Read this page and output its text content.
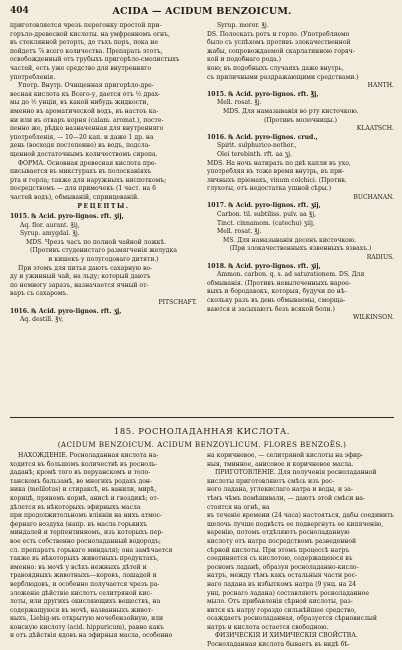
404	ACIDA — ACIDUM BENZOICUM.

приготовляется чрезъ перегонку простой при-

горъло-древесной кислоты. на умфренномъ огнъ,

въ стеклянной реторть, до тъхъ поръ, пока не

пойдетъ ⅞ всего количества. Препарать этотъ,

освобожденный отъ грубыхъ пригорѣло-смолистыхъ

частей, есть уже средство для внутренняго

употребленія.

Употр. Внутр. Очищенная пригорѣло-дре-

весная кислота къ Всего-у, дается отъ ½ драх-

мы до ½ унціи, въ какой нибудь жидкости,

именно въ ароматической водъ, въ настоъ ка-

ни или въ отваръ корня (calam. aromat.), посте-

пенно же, рѣдко назначенная для внутренняго

употребленія, — 10—20 кап. и даже 1 др. на

день (восходя постепенно) въ водъ, подсла-

щенной достаточнымъ количествомъ сиропа.

ФОРМА. Основная древесная кислота пре-

писывается въ микстурахъ въ полосканіяхъ

рта и горла; также для наружныхъ ниспоткомъ;

посредствомъ — для примочекъ (1 част. на 6

частей водъ), обмываній, спринцеваній.

РЕЦЕПТЫ.

1015. ℞ Acid. pyro-lignos. rft. ʒij,

Aq. flor. aurant. ℥ij,

Syrup. amygdal. ℥j.

MDS. Чрезъ часъ по полной чайной ложкѣ.

(Противъ студенистаго размягченія желудка

и кишекъ у полугодоваго дитяти.)

При этомъ для питья даютъ сахарную во-

ду и ужинный чай, на льду; который даютъ

по немногу заразъ, назначается ячный от-

варъ съ сахаромъ.

PITSCHAFT.

1016. ℞ Acid. pyro-lignos. rft. ʒj,

Aq. destill. ℥v,

Syrup. moror. ℥j.

DS. Полоскать ротъ и горло. (Употребляемо

было съ успѣхомъ противъ злокачественной

жабы, сопровождаемой скарлатинною горяч-

кой и подобнаго рода.)

кою; въ подобныхъ случаяхъ даже внутрь,

съ приличными раздражающими средствами.)

HANTH.

1015. ℞ Acid. pyro-lignos. rft. ℥j,

Mell. rosat. ℥j.

MDS. Для намазыванія во рту кисточкою.

(Противъ молочницы.)

KLAATSCH.

1016. ℞ Acid. pyro-lignos. crud.,

Spirit. sulphurico-nether.,

Olei terebinth. rft. aa ʒj.

MDS. На ночь натирать по двѣ капли въ ухо,

употребляя въ тоже время внутрь, въ при-

личныхъ пріемахъ, vinum colchici. (Против.

глухоты, отъ недостатка ушной сѣры.)

BUCHANAN.

1017. ℞ Acid. pyro-lignos. rft. ʒij,

Carbon. til. subtiliss. pulv. aa ℥j,

Tinct. cinnamom. (catechu) ʒiij,

Mell. rosat. ℥j.

MS. Для намазыванія десенъ кисточкою.

(При злокачественныхъ язвенныхъ язвахъ.)

RADIUS.

1018. ℞ Acid. pyro-lignos. rft. ʒij,

Ammon. carbon. q. s. ad saturationem. DS. Для

обмыванія. (Противъ невылеченныхъ нарое-

выхъ и бородавокъ, которыя, будучи по нѣ-

скольку разъ въ день обмываемы, сморща-

ваются и засыхаютъ безъ всякой боли.)

WILKINSON.

185. РОСНОЛАДАННАЯ КИСЛОТА.
(ACIDUM BENZOICUM. ACIDUM BENZOYLICUM. FLORES BENZOËS.)

НАХОЖДЕНІЕ. Росноладанная кислота на-

ходится въ большомъ количествѣ въ росноль-

даданѣ; кромѣ того въ перуанскомъ и толо-

танскомъ бальзамѣ, во многихъ родахъ дон-

ника (melilotus) и стираксѣ, въ ванили, мирѣ,

корицѣ, пряномъ корнѣ, анисѣ и гвоздикѣ; от-

дѣлется въ нѣкоторыхъ эфирныхъ масла

при продолжительномъ вліяніи на нихъ атмос-

фернаго воздуха (напр. въ масла горькихъ

миндалей и терпентинномъ, изъ которыхъ пер-

вое есть собственно росноладанный водородъ;

сл. препаратъ горькаго миндаля); она замѣчается

также въ нѣкоторыхъ животныхъ продуктахъ,

именно: въ мочѣ у всѣхъ нежныхъ дѣтей и

травоядныхъ животныхъ—коровъ, лошадей и

верблюдовъ, и особенно получается чрезъ ра-

зложеніе дѣйствіе кислотъ селитряной кис-

лоты, или другихъ окисляющихъ веществъ, на

содержащуюся въ мочѣ, названныхъ живот-

ныхъ, Liebig-мъ открытую мочебензойную, или

конскую кислоту (acid. hippuricum), равно какъ

и отъ дѣйствія ядовъ на эфирныя масла, особенно

на коричневое, — селитряной кислоты на эфир-

ныя, тминное, анисовое и коричневое масла.

ПРИГОТОВЛЕНІЕ. Для полученія росноладанной

кислоты приготовляютъ смѣсь изъ рос-

ного ладана, углекислаго натра и воды, и за-

тѣмъ чѣмъ помѣшивали, — даютъ этой смѣси на-

стоятся на огнѣ, на

въ теченіе времени (24 часа) настояться, дабы соединить

щелочь лучше подвѣсть ее подвергнуть ее кипяченію,

варенію, потомъ отдѣляютъ росноладанную

кислоту отъ натра посредствомъ разведенной

сѣрной кислоты. При этомъ процессѣ натръ

соединяется съ кислотою, содержащеюся въ

росномъ ладанѣ, образуя росноладанно-кисло-

натръ, между тѣмъ какъ остальныя части рос-

наго ладана въ избыткомъ натра (9 унц. на 24

унц. роснаго ладана) составляютъ росноладанное

мыло. Отъ прибавленія сѣрной кислоты, раз-

вится къ натру гораздо сильнѣйшее средство,

осаждаетъ росноладанная, образуется сѣрновислый

натръ и кислота остается свободною.

ФИЗИЧЕСКІЯ И ХИМИЧЕСКІЯ СВОЙСТВА.

Росноладанная кислота бываетъ въ видѣ бѣ-
